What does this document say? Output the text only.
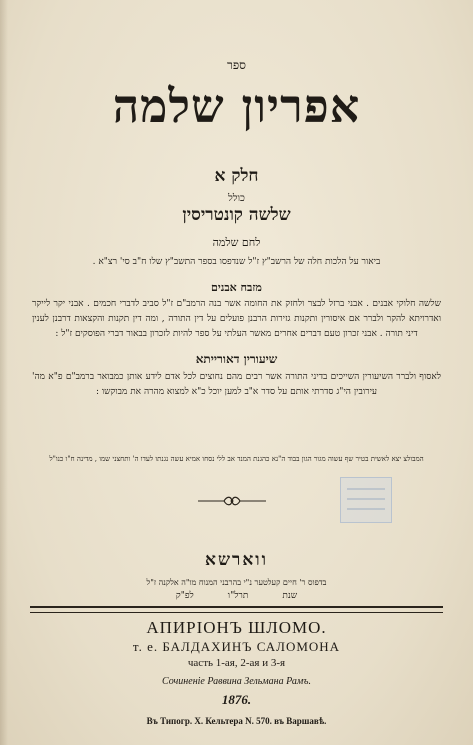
ספר
אפריון שלמה
חלק א
כולל
שלשה קונטריסין
לחם שלמה
ביאור על הלכות חלה של הרשב"ץ ז"ל שנדפסו בספר התשב"ץ שלו ח"ב סי' רצ"א .
מזבח אבנים
שלשה חלוקי אבנים . אבני ברזל לבצר ולחזק את החומה אשר בנה הרמב"ם ז"ל סביב לדברי חכמים . אבני יקר לייקר ואדרויתא להקר ולברר אם איסורין ותקנות גזירות הרבנן פועלים על דין התורה , ומה דין תקנות והקצאות דרבנן לענין דיני תורה . אבני זכרון טעם דברים אחרים מאשר העלתי על ספר להיות לזכרון בבאור דברי הפוסקים ז"ל :
שיעורין דאורייתא
לאסוף ולברר השיעורין השייכים בדיני התורה אשר רבים מהם נחוצים לכל אדם לידע אותן כמבואר ברמב"ם פ"א מה' עירובין הי"ג סדרתי אותם על סדר א"ב למען יוכל כ"א למצוא מהרה את מבוקשו :
המבולצ יצא לאשית בטיר שף עשוה מגור הגון בבוד ה"נא כהגנת המנד אב ללי נסחו אמיא עשה נגנתו לעדו ה' ותחצני שמו , מדינה ח"ו כנו"ל
ווארשא
בדפוס ר' חיים קעלטער נ"י בהרבני המנוח מו"ה אלקנה ז"ל
שנת
תרל"ו
לפ"ק
АПИРІОНЪ ШЛОМО.
т. е. БАЛДАХИНЪ САЛОМОНА
часть 1-ая, 2-ая и 3-я
Сочиненіе Раввина Зельмана Рамъ.
1876.
Въ Типогр. Х. Кельтера N. 570. въ Варшавѣ.
